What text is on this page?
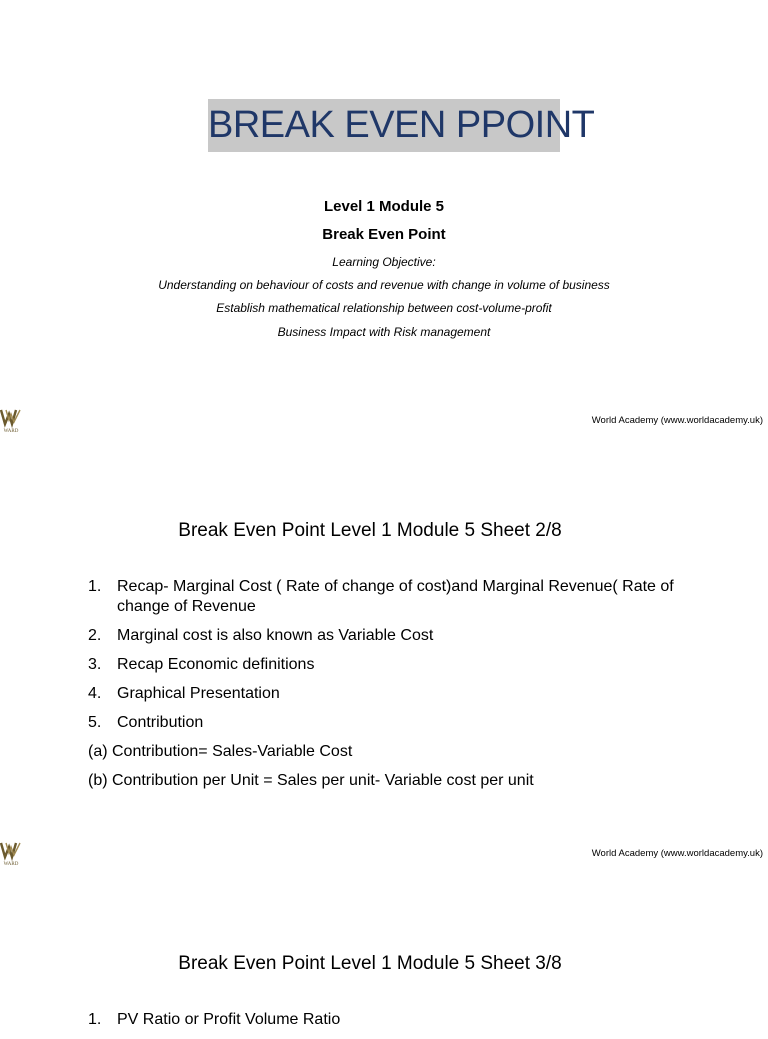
BREAK EVEN PPOINT
Level 1 Module 5
Break Even Point
Learning Objective:
Understanding on behaviour of costs and revenue with change in volume of business
Establish mathematical relationship between cost-volume-profit
Business Impact with Risk management
WARD
World Academy (www.worldacademy.uk)
Break Even Point Level 1 Module 5 Sheet 2/8
1. Recap- Marginal Cost ( Rate of change of cost)and Marginal Revenue( Rate of change of Revenue
2. Marginal cost is also known as Variable Cost
3. Recap Economic definitions
4. Graphical Presentation
5. Contribution
(a) Contribution= Sales-Variable Cost
(b) Contribution per Unit = Sales per unit- Variable cost per unit
WARD
World Academy (www.worldacademy.uk)
Break Even Point Level 1 Module 5 Sheet 3/8
1. PV Ratio or Profit Volume Ratio
